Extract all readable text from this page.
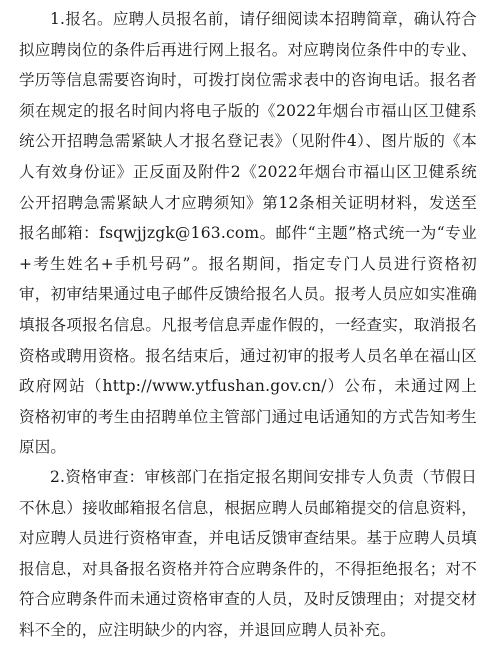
1.报名。应聘人员报名前，请仔细阅读本招聘简章，确认符合拟应聘岗位的条件后再进行网上报名。对应聘岗位条件中的专业、学历等信息需要咨询时，可拨打岗位需求表中的咨询电话。报名者须在规定的报名时间内将电子版的《2022年烟台市福山区卫健系统公开招聘急需紧缺人才报名登记表》（见附件4）、图片版的《本人有效身份证》正反面及附件2《2022年烟台市福山区卫健系统公开招聘急需紧缺人才应聘须知》第12条相关证明材料，发送至报名邮箱：fsqwjjzgk@163.com。邮件“主题”格式统一为“专业+考生姓名+手机号码”。报名期间，指定专门人员进行资格初审，初审结果通过电子邮件反馈给报名人员。报考人员应如实准确填报各项报名信息。凡报考信息弄虚作假的，一经查实，取消报名资格或聘用资格。报名结束后，通过初审的报考人员名单在福山区政府网站（http://www.ytfushan.gov.cn/）公布，未通过网上资格初审的考生由招聘单位主管部门通过电话通知的方式告知考生原因。

2.资格审查：审核部门在指定报名期间安排专人负责（节假日不休息）接收邮箱报名信息，根据应聘人员邮箱提交的信息资料，对应聘人员进行资格审查，并电话反馈审查结果。基于应聘人员填报信息，对具备报名资格并符合应聘条件的，不得拒绝报名；对不符合应聘条件而未通过资格审查的人员，及时反馈理由；对提交材料不全的，应注明缺少的内容，并退回应聘人员补充。
